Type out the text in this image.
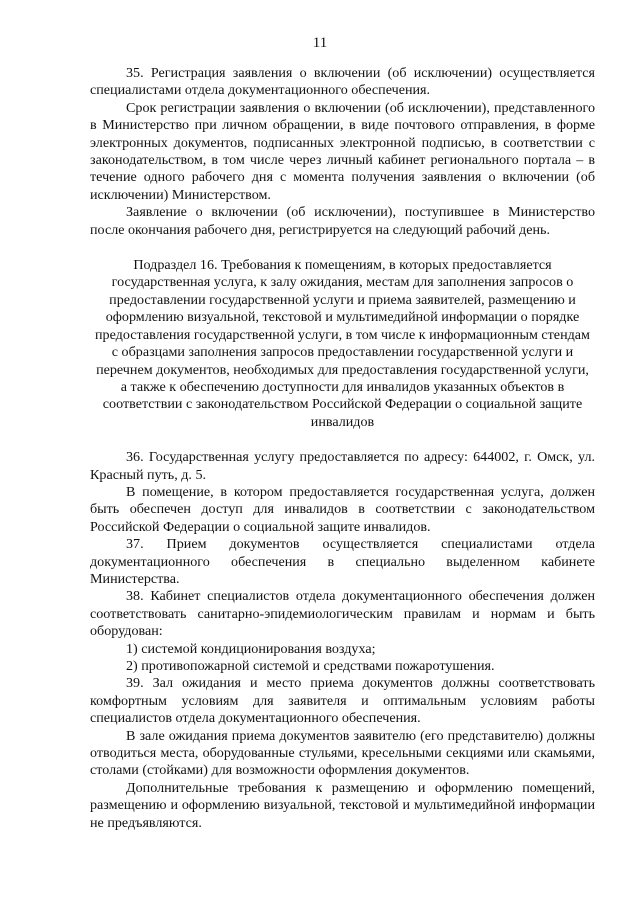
11

35. Регистрация заявления о включении (об исключении) осуществляется специалистами отдела документационного обеспечения.

Срок регистрации заявления о включении (об исключении), представленного в Министерство при личном обращении, в виде почтового отправления, в форме электронных документов, подписанных электронной подписью, в соответствии с законодательством, в том числе через личный кабинет регионального портала – в течение одного рабочего дня с момента получения заявления о включении (об исключении) Министерством.

Заявление о включении (об исключении), поступившее в Министерство после окончания рабочего дня, регистрируется на следующий рабочий день.

Подраздел 16. Требования к помещениям, в которых предоставляется государственная услуга, к залу ожидания, местам для заполнения запросов о предоставлении государственной услуги и приема заявителей, размещению и оформлению визуальной, текстовой и мультимедийной информации о порядке предоставления государственной услуги, в том числе к информационным стендам с образцами заполнения запросов предоставлении государственной услуги и перечнем документов, необходимых для предоставления государственной услуги, а также к обеспечению доступности для инвалидов указанных объектов в соответствии с законодательством Российской Федерации о социальной защите инвалидов

36. Государственная услугу предоставляется по адресу: 644002, г. Омск, ул. Красный путь, д. 5.

В помещение, в котором предоставляется государственная услуга, должен быть обеспечен доступ для инвалидов в соответствии с законодательством Российской Федерации о социальной защите инвалидов.

37. Прием документов осуществляется специалистами отдела документационного обеспечения в специально выделенном кабинете Министерства.

38. Кабинет специалистов отдела документационного обеспечения должен соответствовать санитарно-эпидемиологическим правилам и нормам и быть оборудован:

1) системой кондиционирования воздуха;

2) противопожарной системой и средствами пожаротушения.

39. Зал ожидания и место приема документов должны соответствовать комфортным условиям для заявителя и оптимальным условиям работы специалистов отдела документационного обеспечения.

В зале ожидания приема документов заявителю (его представителю) должны отводиться места, оборудованные стульями, кресельными секциями или скамьями, столами (стойками) для возможности оформления документов.

Дополнительные требования к размещению и оформлению помещений, размещению и оформлению визуальной, текстовой и мультимедийной информации не предъявляются.
